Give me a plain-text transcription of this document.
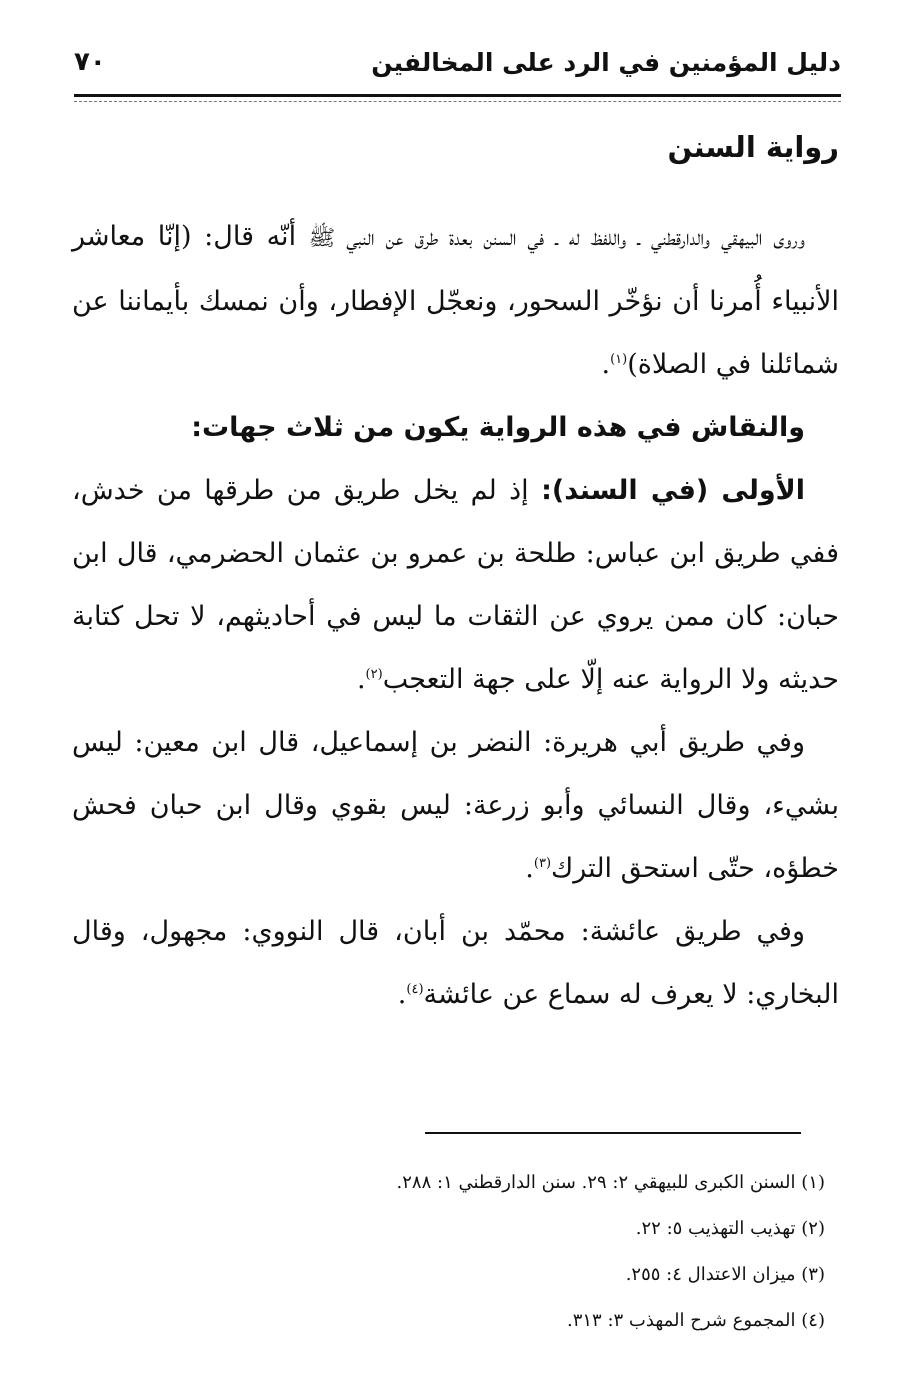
دليل المؤمنين في الرد على المخالفين
٧٠
رواية السنن

وروى البيهقي والدارقطني ـ واللفظ له ـ في السنن بعدة طرق عن النبي ﷺ أنّه قال: (إنّا معاشر الأنبياء أُمرنا أن نؤخّر السحور، ونعجّل الإفطار، وأن نمسك بأيماننا عن شمائلنا في الصلاة)$^{(١)}$.

والنقاش في هذه الرواية يكون من ثلاث جهات:

الأولى (في السند): إذ لم يخل طريق من طرقها من خدش، ففي طريق ابن عباس: طلحة بن عمرو بن عثمان الحضرمي، قال ابن حبان: كان ممن يروي عن الثقات ما ليس في أحاديثهم، لا تحل كتابة حديثه ولا الرواية عنه إلّا على جهة التعجب$^{(٢)}$.

وفي طريق أبي هريرة: النضر بن إسماعيل، قال ابن معين: ليس بشيء، وقال النسائي وأبو زرعة: ليس بقوي وقال ابن حبان فحش خطؤه، حتّى استحق الترك$^{(٣)}$.

وفي طريق عائشة: محمّد بن أبان، قال النووي: مجهول، وقال البخاري: لا يعرف له سماع عن عائشة$^{(٤)}$.

(١) السنن الكبرى للبيهقي ٢: ٢٩. سنن الدارقطني ١: ٢٨٨.
(٢) تهذيب التهذيب ٥: ٢٢.
(٣) ميزان الاعتدال ٤: ٢٥٥.
(٤) المجموع شرح المهذب ٣: ٣١٣.
